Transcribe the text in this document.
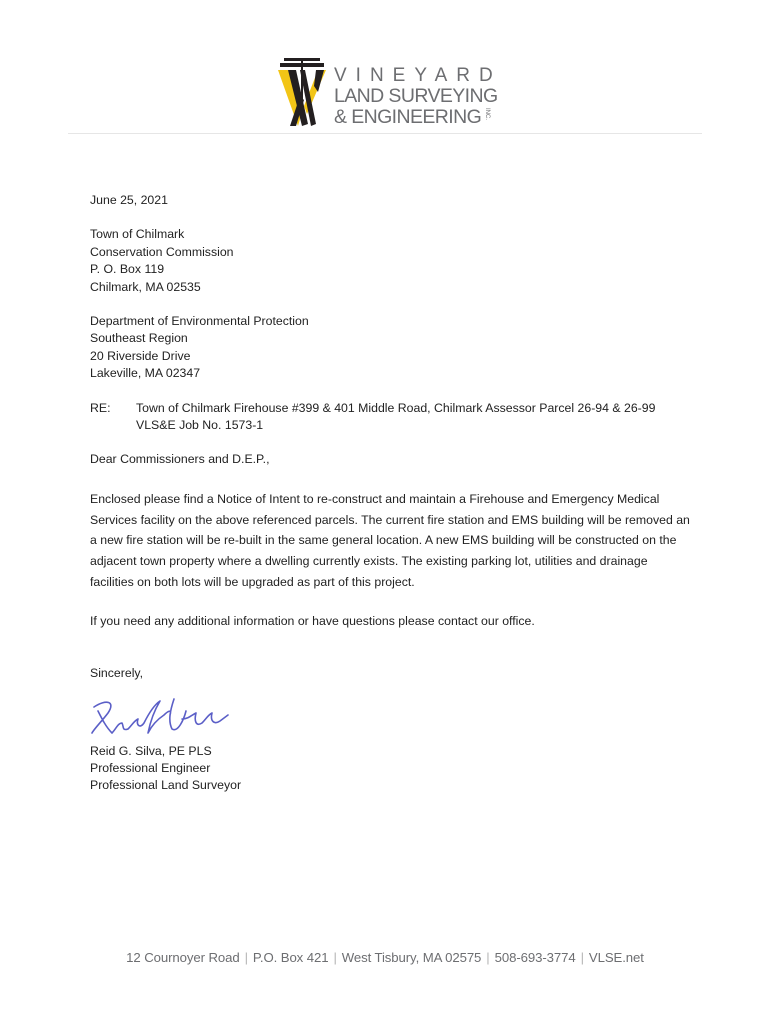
VINEYARD
LAND SURVEYING
& ENGINEERING INC.

June 25, 2021

Town of Chilmark
Conservation Commission
P. O. Box 119
Chilmark, MA 02535
Department of Environmental Protection
Southeast Region
20 Riverside Drive
Lakeville, MA 02347
RE:	Town of Chilmark Firehouse #399 & 401 Middle Road, Chilmark Assessor Parcel 26-94 & 26-99
VLS&E Job No. 1573-1

Dear Commissioners and D.E.P.,

Enclosed please find a Notice of Intent to re-construct and maintain a Firehouse and Emergency Medical Services facility on the above referenced parcels. The current fire station and EMS building will be removed an a new fire station will be re-built in the same general location. A new EMS building will be constructed on the adjacent town property where a dwelling currently exists. The existing parking lot, utilities and drainage facilities on both lots will be upgraded as part of this project.

If you need any additional information or have questions please contact our office.

Sincerely,

Reid G. Silva, PE PLS
Professional Engineer
Professional Land Surveyor
12 Cournoyer Road | P.O. Box 421 | West Tisbury, MA 02575 | 508-693-3774 | VLSE.net
